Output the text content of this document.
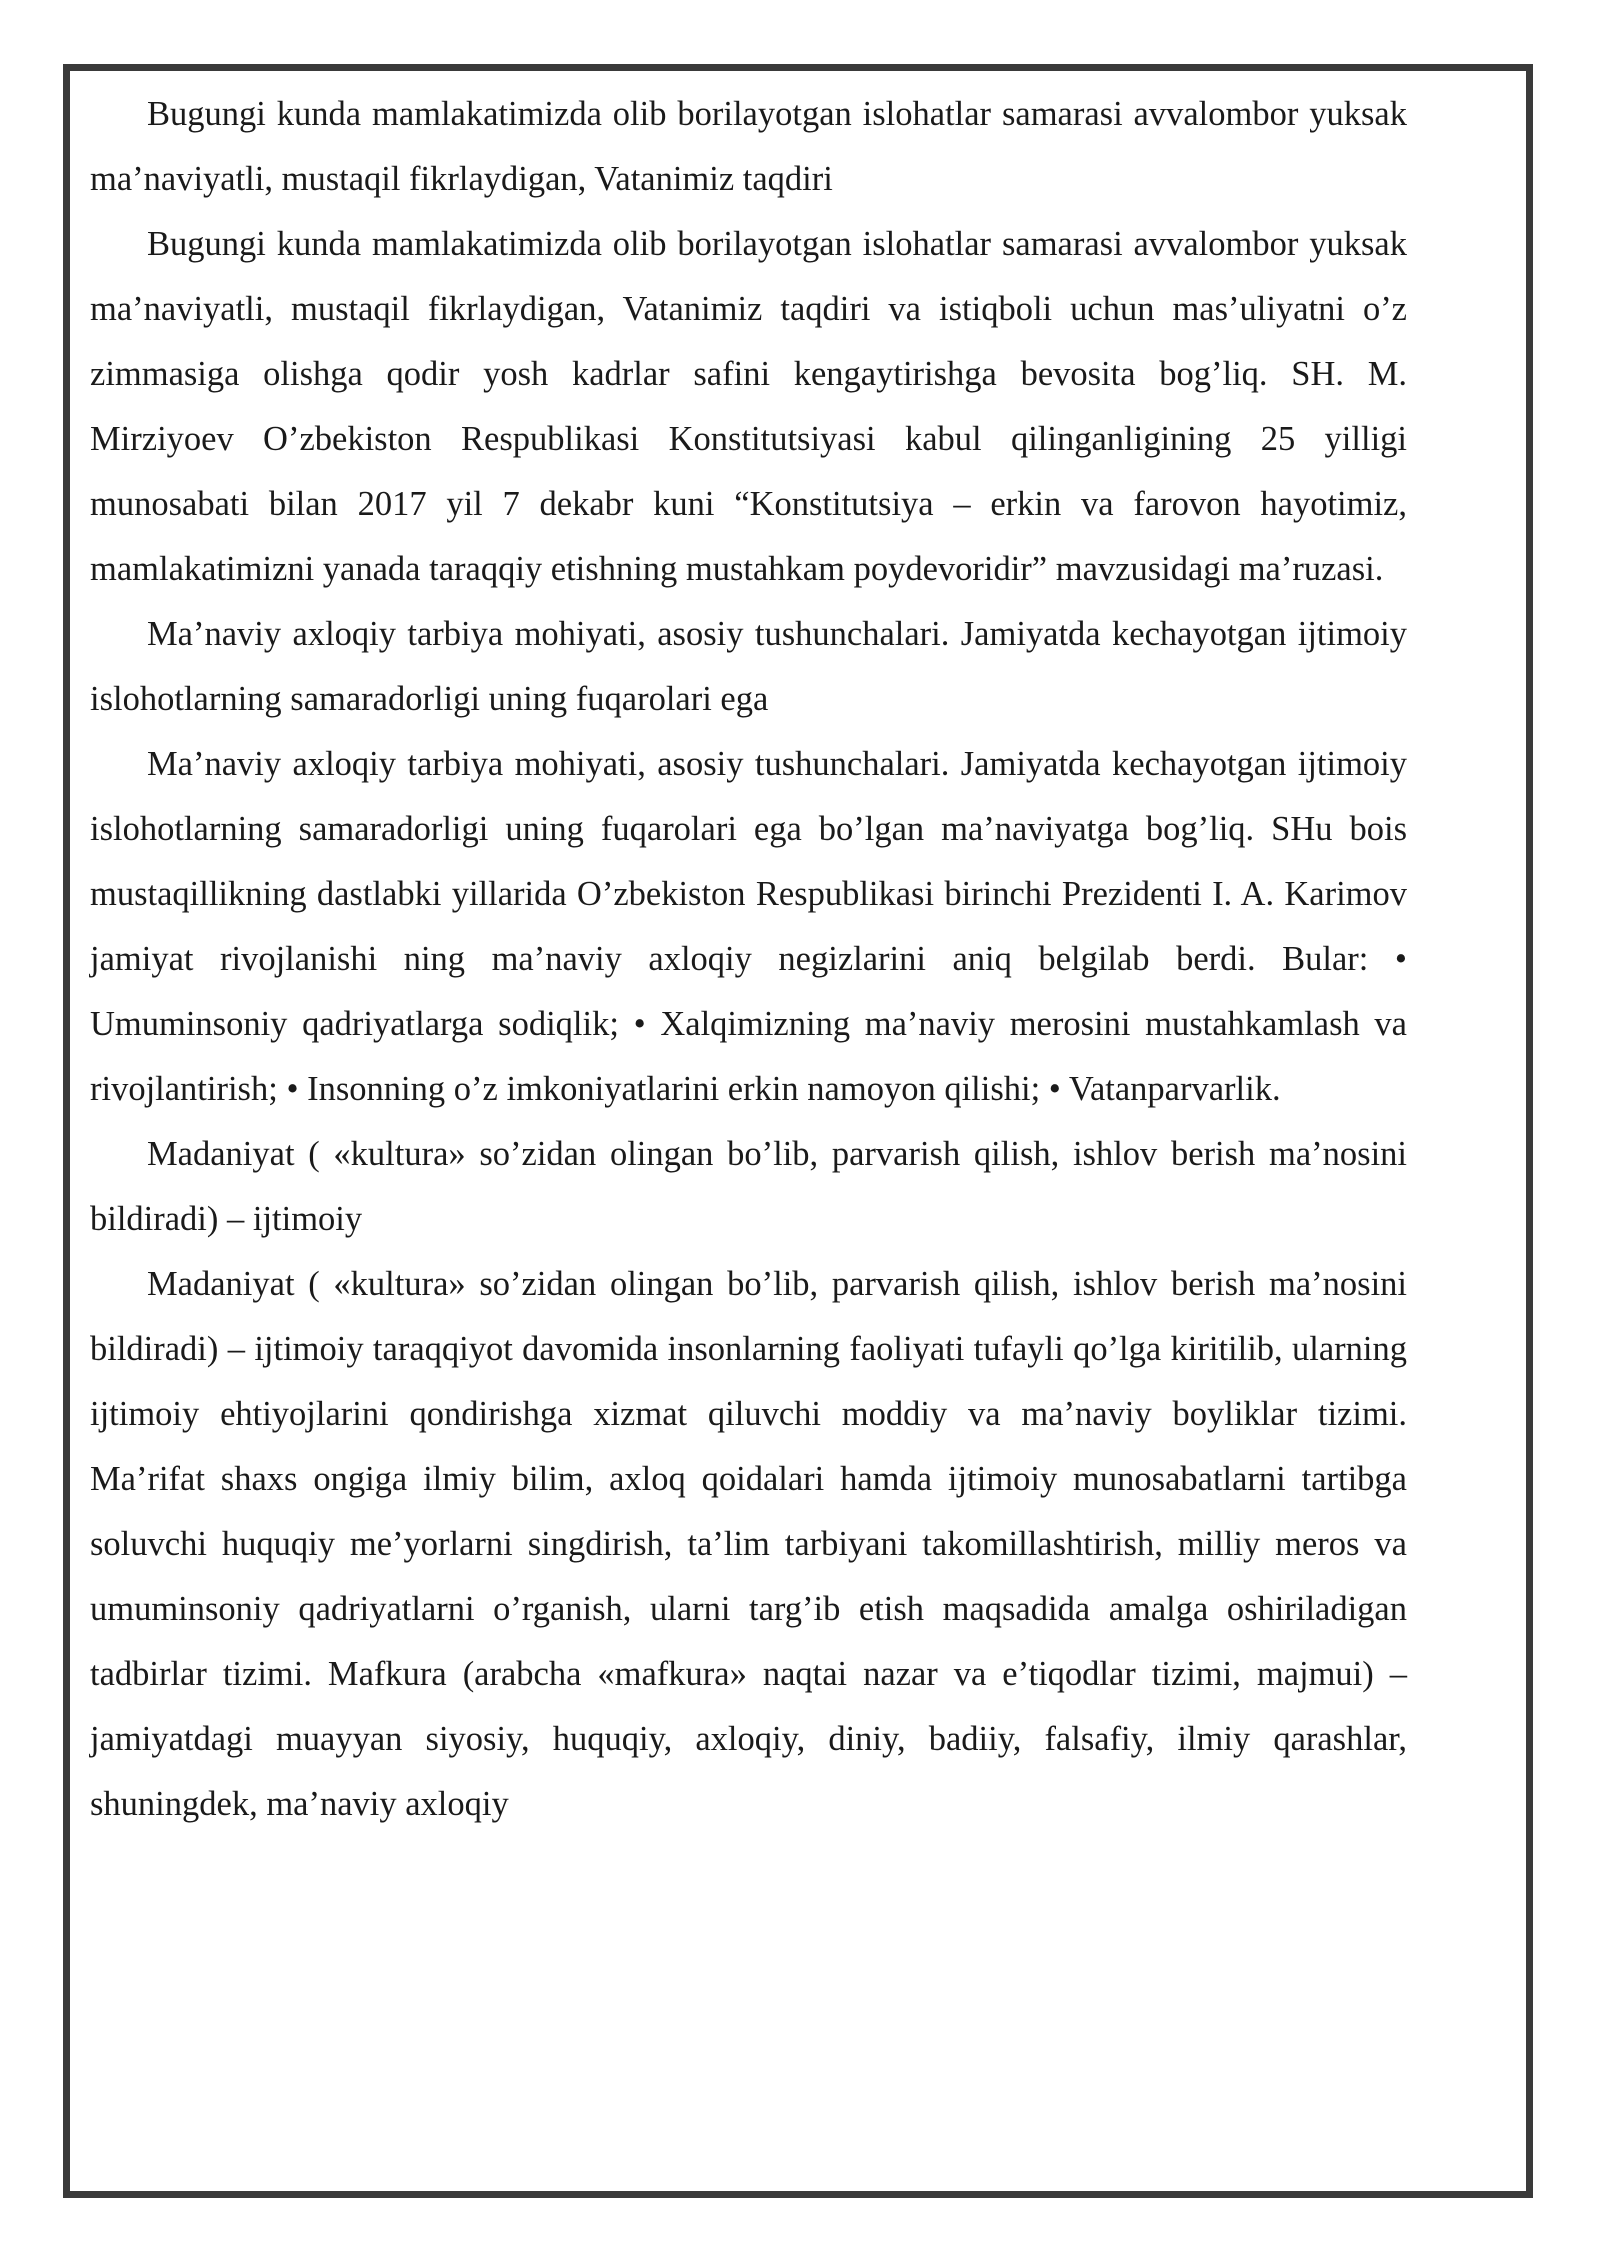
Bugungi kunda mamlakatimizda olib borilayotgan islohatlar samarasi avvalombor yuksak ma’naviyatli, mustaqil fikrlaydigan, Vatanimiz taqdiri

Bugungi kunda mamlakatimizda olib borilayotgan islohatlar samarasi avvalombor yuksak ma’naviyatli, mustaqil fikrlaydigan, Vatanimiz taqdiri va istiqboli uchun mas’uliyatni o’z zimmasiga olishga qodir yosh kadrlar safini kengaytirishga bevosita bog’liq. SH. M. Mirziyoev O’zbekiston Respublikasi Konstitutsiyasi kabul qilinganligining 25 yilligi munosabati bilan 2017 yil 7 dekabr kuni “Konstitutsiya – erkin va farovon hayotimiz, mamlakatimizni yanada taraqqiy etishning mustahkam poydevoridir” mavzusidagi ma’ruzasi.

Ma’naviy axloqiy tarbiya mohiyati, asosiy tushunchalari. Jamiyatda kechayotgan ijtimoiy islohotlarning samaradorligi uning fuqarolari ega

Ma’naviy axloqiy tarbiya mohiyati, asosiy tushunchalari. Jamiyatda kechayotgan ijtimoiy islohotlarning samaradorligi uning fuqarolari ega bo’lgan ma’naviyatga bog’liq. SHu bois mustaqillikning dastlabki yillarida O’zbekiston Respublikasi birinchi Prezidenti I. A. Karimov jamiyat rivojlanishi ning ma’naviy axloqiy negizlarini aniq belgilab berdi. Bular: • Umuminsoniy qadriyatlarga sodiqlik; • Xalqimizning ma’naviy merosini mustahkamlash va rivojlantirish; • Insonning o’z imkoniyatlarini erkin namoyon qilishi; • Vatanparvarlik.

Madaniyat ( «kultura» so’zidan olingan bo’lib, parvarish qilish, ishlov berish ma’nosini bildiradi) – ijtimoiy

Madaniyat ( «kultura» so’zidan olingan bo’lib, parvarish qilish, ishlov berish ma’nosini bildiradi) – ijtimoiy taraqqiyot davomida insonlarning faoliyati tufayli qo’lga kiritilib, ularning ijtimoiy ehtiyojlarini qondirishga xizmat qiluvchi moddiy va ma’naviy boyliklar tizimi. Ma’rifat shaxs ongiga ilmiy bilim, axloq qoidalari hamda ijtimoiy munosabatlarni tartibga soluvchi huquqiy me’yorlarni singdirish, ta’lim tarbiyani takomillashtirish, milliy meros va umuminsoniy qadriyatlarni o’rganish, ularni targ’ib etish maqsadida amalga oshiriladigan tadbirlar tizimi. Mafkura (arabcha «mafkura» naqtai nazar va e’tiqodlar tizimi, majmui) – jamiyatdagi muayyan siyosiy, huquqiy, axloqiy, diniy, badiiy, falsafiy, ilmiy qarashlar, shuningdek, ma’naviy axloqiy
